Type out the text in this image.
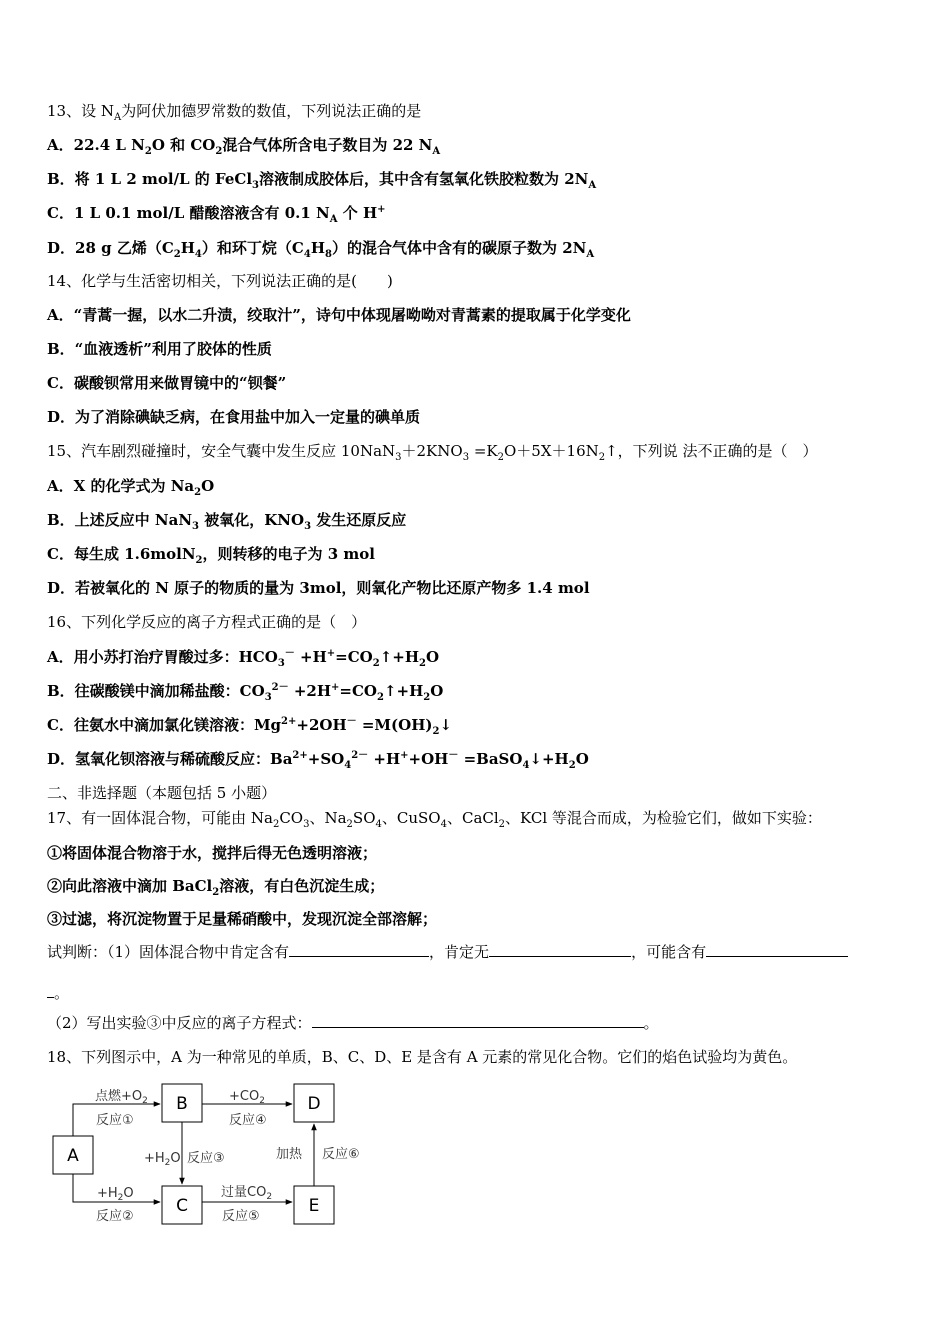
13、设 $N_A$为阿伏加德罗常数的数值，下列说法正确的是
A．22.4 L $N_2O$ 和 $CO_2$混合气体所含电子数目为 22 $N_A$
B．将 1 L 2 mol/L 的 FeCl$_3$溶液制成胶体后，其中含有氢氧化铁胶粒数为 $2N_A$
C．1 L 0.1 mol/L 醋酸溶液含有 0.1 $N_A$ 个 H+
D．28 g 乙烯$(C_2H_4)$和环丁烷$(C_4H_8)$的混合气体中含有的碳原子数为 $2N_A$
14、化学与生活密切相关，下列说法正确的是(　　)
A．“青蒿一握，以水二升渍，绞取汁”，诗句中体现屠呦呦对青蒿素的提取属于化学变化
B．“血液透析”利用了胶体的性质
C．碳酸钡常用来做胃镜中的“钡餐”
D．为了消除碘缺乏病，在食用盐中加入一定量的碘单质
15、汽车剧烈碰撞时，安全气囊中发生反应 $10NaN_3+2KNO_3$ $=K_2O+5X+16N_2↑$，下列说 法不正确的是（　）
A．X 的化学式为 $Na_2O$
B．上述反应中 NaN$_3$ 被氧化，$KNO_3$ 发生还原反应
C．每生成 1.6molN$_2$，则转移的电子为 3 mol
D．若被氧化的 N 原子的物质的量为 3mol，则氧化产物比还原产物多 1.4 mol
16、下列化学反应的离子方程式正确的是（　）
A．用小苏打治疗胃酸过多：$HCO_3^-$ $+H^+=CO_2↑+H_2O$
B．往碳酸镁中滴加稀盐酸：$CO_3^{2-}$ $+2H^+=CO_2↑+H_2O$
C．往氨水中滴加氯化镁溶液：$Mg^{2+}+2OH^-$ $=M(OH)_2↓$
D．氢氧化钡溶液与稀硫酸反应：$Ba^{2+}+SO_4^{2-} +H^++OH^-$ $=BaSO_4↓+H_2O$
二、非选择题（本题包括 5 小题）
17、有一固体混合物，可能由 $Na_2CO_3$、$Na_2SO_4$、CuSO$_4$、CaCl$_2$、KCl 等混合而成，为检验它们，做如下实验：
①将固体混合物溶于水，搅拌后得无色透明溶液；
②向此溶液中滴加 BaCl$_2$溶液，有白色沉淀生成；
③过滤，将沉淀物置于足量稀硝酸中，发现沉淀全部溶解；
试判断：（1）固体混合物中肯定含有	，肯定无	，可能含有
。
（2）写出实验③中反应的离子方程式：	。
18、下列图示中，A 为一种常见的单质，B、C、D、E 是含有 A 元素的常见化合物。它们的焰色试验均为黄色。
A
B
C
D
E
点燃$+O_2$
反应①
$+CO_2$
反应④
$+H_2O$ 反应③	加热 反应⑥
$+H_2O$
反应②
过量$CO_2$
反应⑤
